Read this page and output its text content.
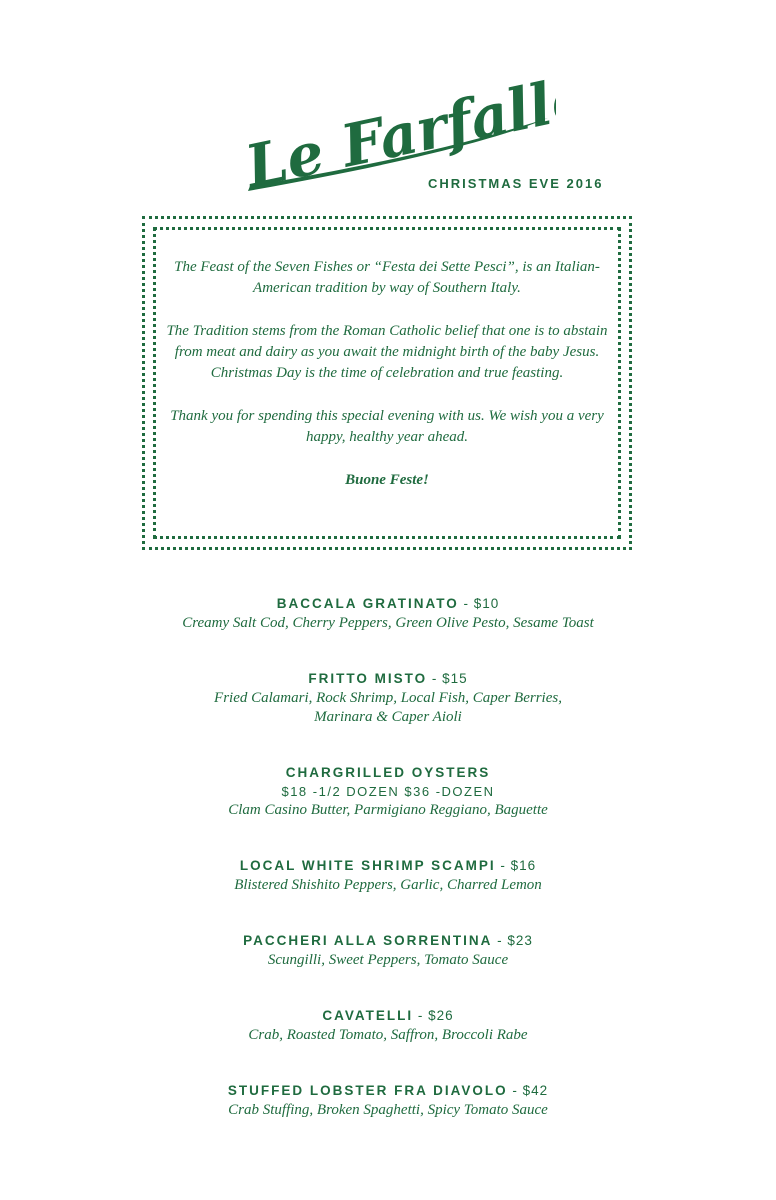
Le Farfalle
CHRISTMAS EVE 2016

The Feast of the Seven Fishes or “Festa dei Sette Pesci”, is an Italian-American tradition by way of Southern Italy.

The Tradition stems from the Roman Catholic belief that one is to abstain from meat and dairy as you await the midnight birth of the baby Jesus. Christmas Day is the time of celebration and true feasting.

Thank you for spending this special evening with us. We wish you a very happy, healthy year ahead.

Buone Feste!
BACCALA GRATINATO - $10
Creamy Salt Cod, Cherry Peppers, Green Olive Pesto, Sesame Toast
FRITTO MISTO - $15
Fried Calamari, Rock Shrimp, Local Fish, Caper Berries, Marinara & Caper Aioli
CHARGRILLED OYSTERS
$18 -1/2 DOZEN $36 -DOZEN
Clam Casino Butter, Parmigiano Reggiano, Baguette
LOCAL WHITE SHRIMP SCAMPI - $16
Blistered Shishito Peppers, Garlic, Charred Lemon
PACCHERI ALLA SORRENTINA - $23
Scungilli, Sweet Peppers, Tomato Sauce
CAVATELLI - $26
Crab, Roasted Tomato, Saffron, Broccoli Rabe
STUFFED LOBSTER FRA DIAVOLO - $42
Crab Stuffing, Broken Spaghetti, Spicy Tomato Sauce
